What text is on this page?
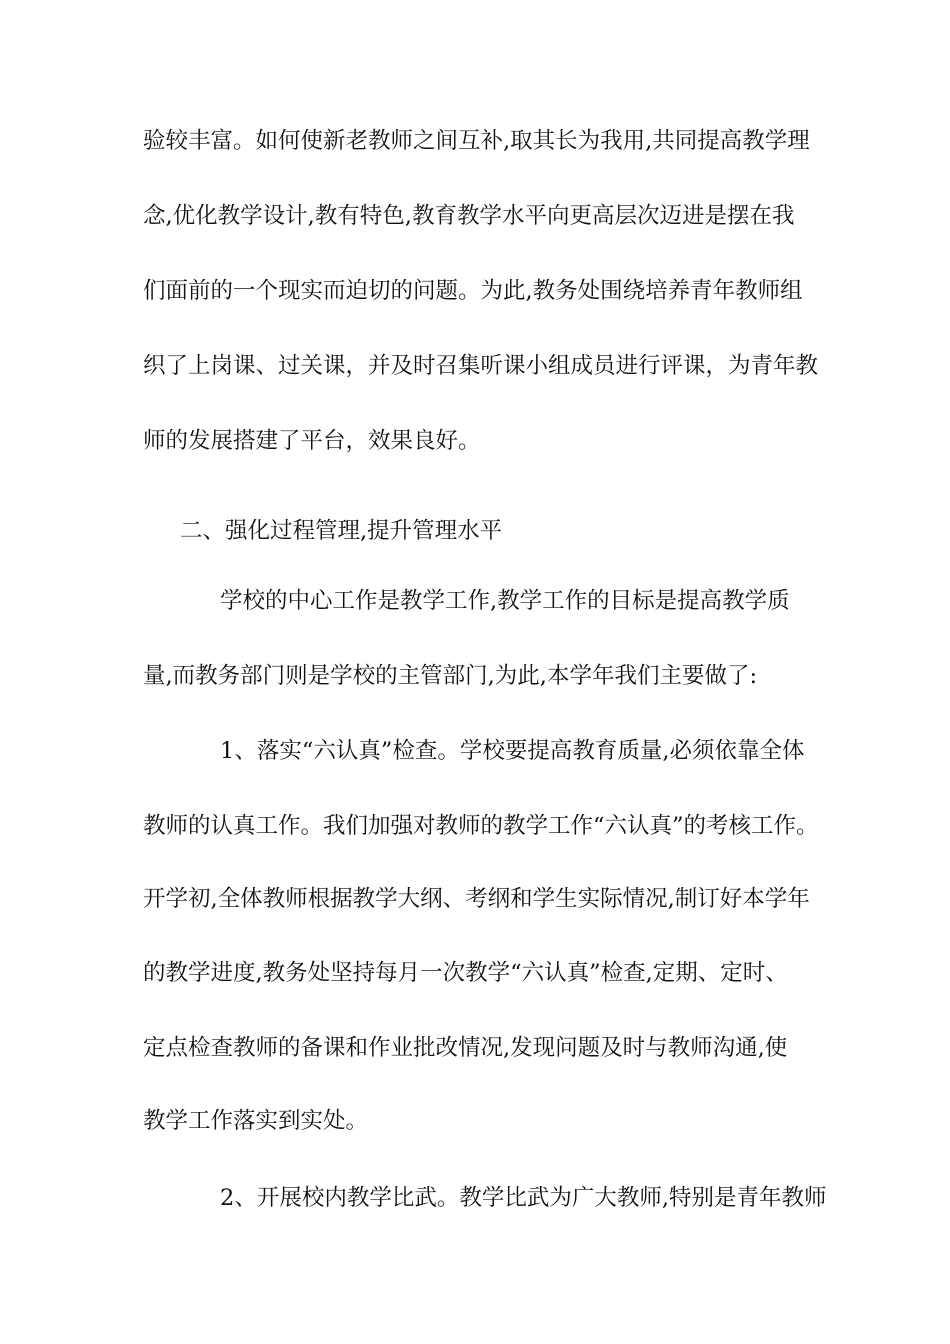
验较丰富。如何使新老教师之间互补,取其长为我用,共同提高教学理
念,优化教学设计,教有特色,教育教学水平向更高层次迈进是摆在我
们面前的一个现实而迫切的问题。为此,教务处围绕培养青年教师组
织了上岗课、过关课，并及时召集听课小组成员进行评课，为青年教
师的发展搭建了平台，效果良好。
二、强化过程管理,提升管理水平
学校的中心工作是教学工作,教学工作的目标是提高教学质
量,而教务部门则是学校的主管部门,为此,本学年我们主要做了:
1、落实“六认真”检查。学校要提高教育质量,必须依靠全体
教师的认真工作。我们加强对教师的教学工作“六认真”的考核工作。
开学初,全体教师根据教学大纲、考纲和学生实际情况,制订好本学年
的教学进度,教务处坚持每月一次教学“六认真”检查,定期、定时、
定点检查教师的备课和作业批改情况,发现问题及时与教师沟通,使
教学工作落实到实处。
2、开展校内教学比武。教学比武为广大教师,特别是青年教师
